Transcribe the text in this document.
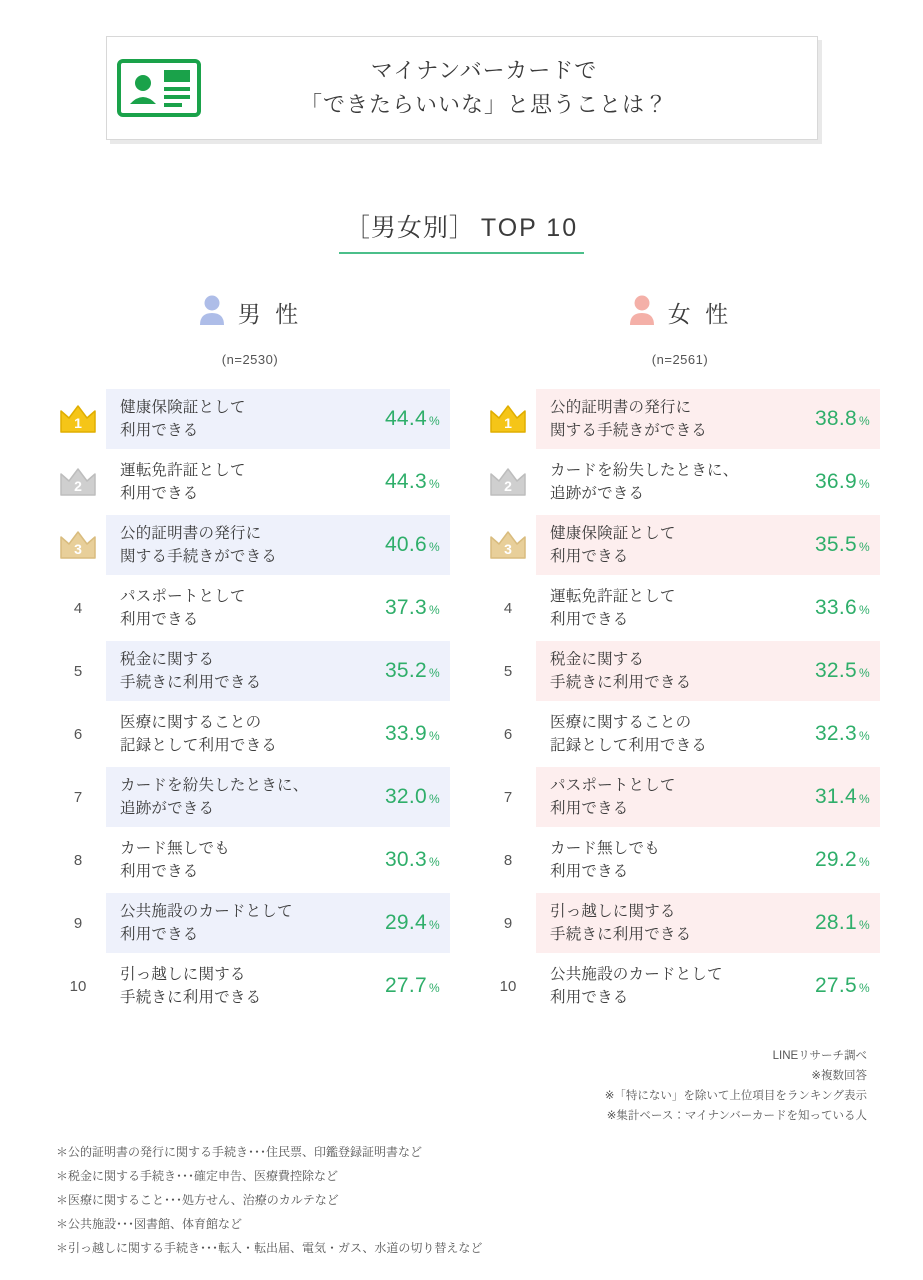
マイナンバーカードで
「できたらいいな」と思うことは？
［男女別］ TOP 10
男 性
(n=2530)
1
健康保険証として
利用できる
44.4 %
2
運転免許証として
利用できる
44.3 %
3
公的証明書の発行に
関する手続きができる
40.6 %
4
パスポートとして
利用できる
37.3 %
5
税金に関する
手続きに利用できる
35.2 %
6
医療に関することの
記録として利用できる
33.9 %
7
カードを紛失したときに、
追跡ができる
32.0 %
8
カード無しでも
利用できる
30.3 %
9
公共施設のカードとして
利用できる
29.4 %
10
引っ越しに関する
手続きに利用できる
27.7 %
女 性
(n=2561)
1
公的証明書の発行に
関する手続きができる
38.8 %
2
カードを紛失したときに、
追跡ができる
36.9 %
3
健康保険証として
利用できる
35.5 %
4
運転免許証として
利用できる
33.6 %
5
税金に関する
手続きに利用できる
32.5 %
6
医療に関することの
記録として利用できる
32.3 %
7
パスポートとして
利用できる
31.4 %
8
カード無しでも
利用できる
29.2 %
9
引っ越しに関する
手続きに利用できる
28.1 %
10
公共施設のカードとして
利用できる
27.5 %
LINEリサーチ調べ
※複数回答
※「特にない」を除いて上位項目をランキング表示
※集計ベース：マイナンバーカードを知っている人
＊公的証明書の発行に関する手続き･･･住民票、印鑑登録証明書など
＊税金に関する手続き･･･確定申告、医療費控除など
＊医療に関すること･･･処方せん、治療のカルテなど
＊公共施設･･･図書館、体育館など
＊引っ越しに関する手続き･･･転入・転出届、電気・ガス、水道の切り替えなど
